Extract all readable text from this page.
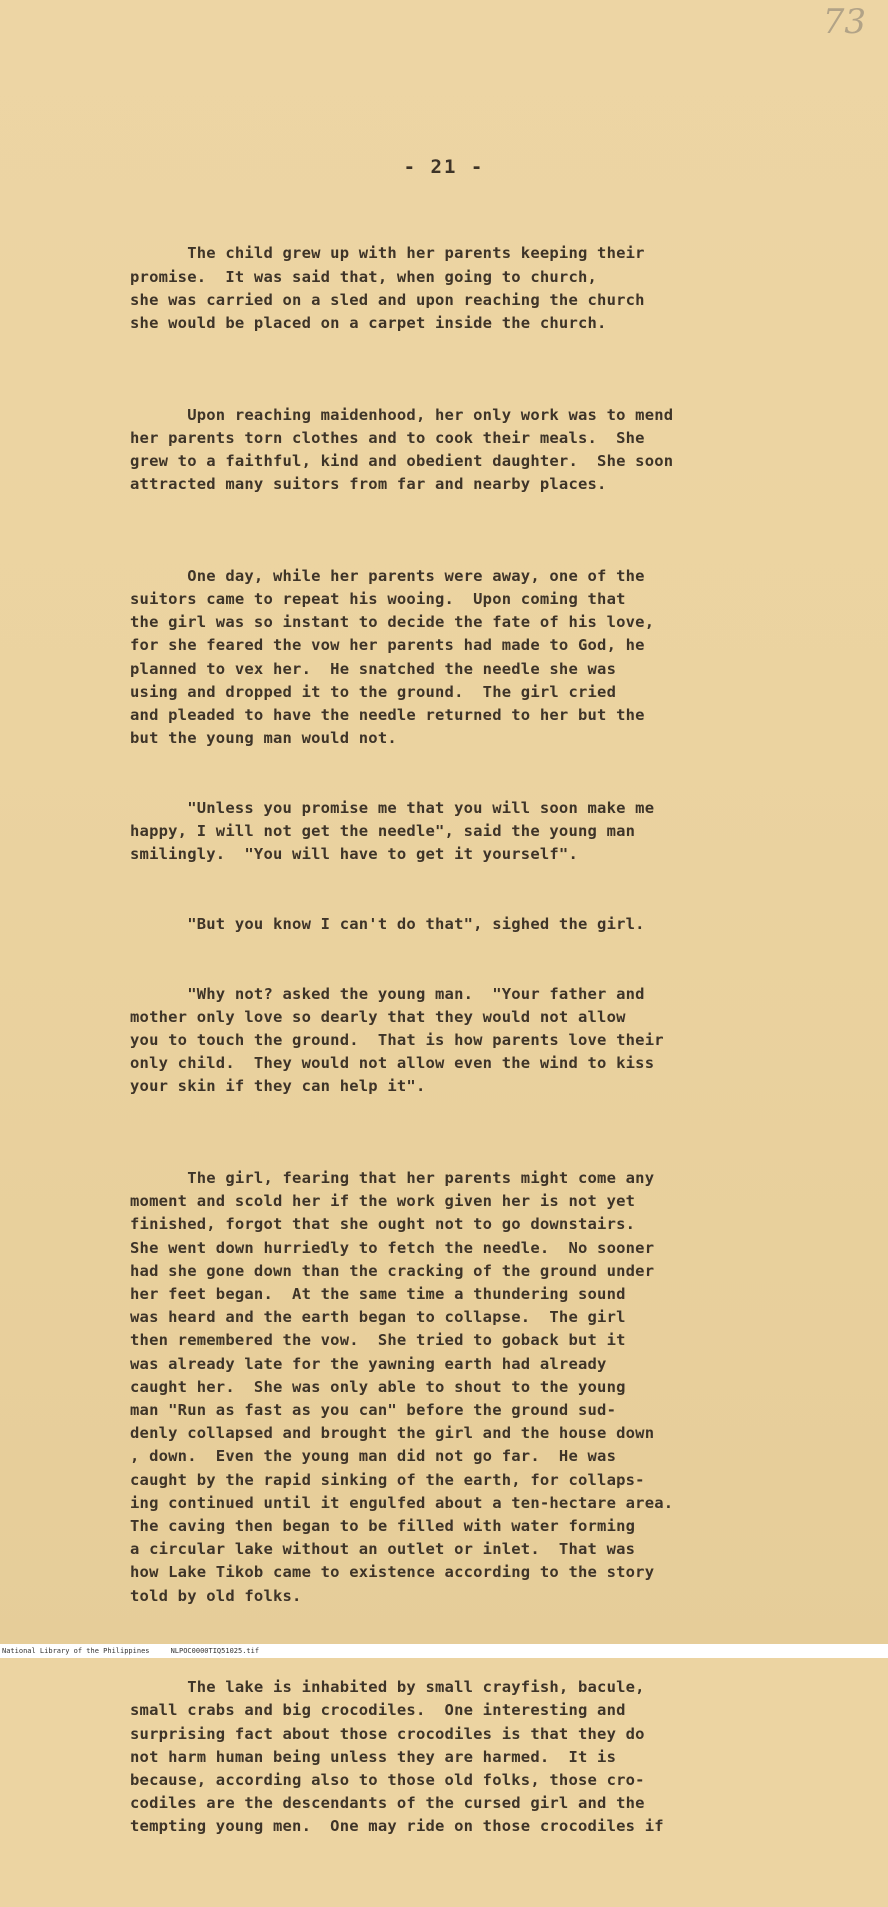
73
- 21 -

The child grew up with her parents keeping their
promise.  It was said that, when going to church,
she was carried on a sled and upon reaching the church
she would be placed on a carpet inside the church.

Upon reaching maidenhood, her only work was to mend
her parents torn clothes and to cook their meals.  She
grew to a faithful, kind and obedient daughter.  She soon
attracted many suitors from far and nearby places.

One day, while her parents were away, one of the
suitors came to repeat his wooing.  Upon coming that
the girl was so instant to decide the fate of his love,
for she feared the vow her parents had made to God, he
planned to vex her.  He snatched the needle she was
using and dropped it to the ground.  The girl cried
and pleaded to have the needle returned to her but the
but the young man would not.

"Unless you promise me that you will soon make me
happy, I will not get the needle", said the young man
smilingly.  "You will have to get it yourself".

"But you know I can't do that", sighed the girl.

"Why not? asked the young man.  "Your father and
mother only love so dearly that they would not allow
you to touch the ground.  That is how parents love their
only child.  They would not allow even the wind to kiss
your skin if they can help it".

The girl, fearing that her parents might come any
moment and scold her if the work given her is not yet
finished, forgot that she ought not to go downstairs.
She went down hurriedly to fetch the needle.  No sooner
had she gone down than the cracking of the ground under
her feet began.  At the same time a thundering sound
was heard and the earth began to collapse.  The girl
then remembered the vow.  She tried to goback but it
was already late for the yawning earth had already
caught her.  She was only able to shout to the young
man "Run as fast as you can" before the ground sud-
denly collapsed and brought the girl and the house down
, down.  Even the young man did not go far.  He was
caught by the rapid sinking of the earth, for collaps-
ing continued until it engulfed about a ten-hectare area.
The caving then began to be filled with water forming
a circular lake without an outlet or inlet.  That was
how Lake Tikob came to existence according to the story
told by old folks.

The lake is inhabited by small crayfish, bacule,
small crabs and big crocodiles.  One interesting and
surprising fact about those crocodiles is that they do
not harm human being unless they are harmed.  It is
because, according also to those old folks, those cro-
codiles are the descendants of the cursed girl and the
tempting young men.  One may ride on those crocodiles if

National Library of the Philippines     NLPOC0000TIQ51025.tif
